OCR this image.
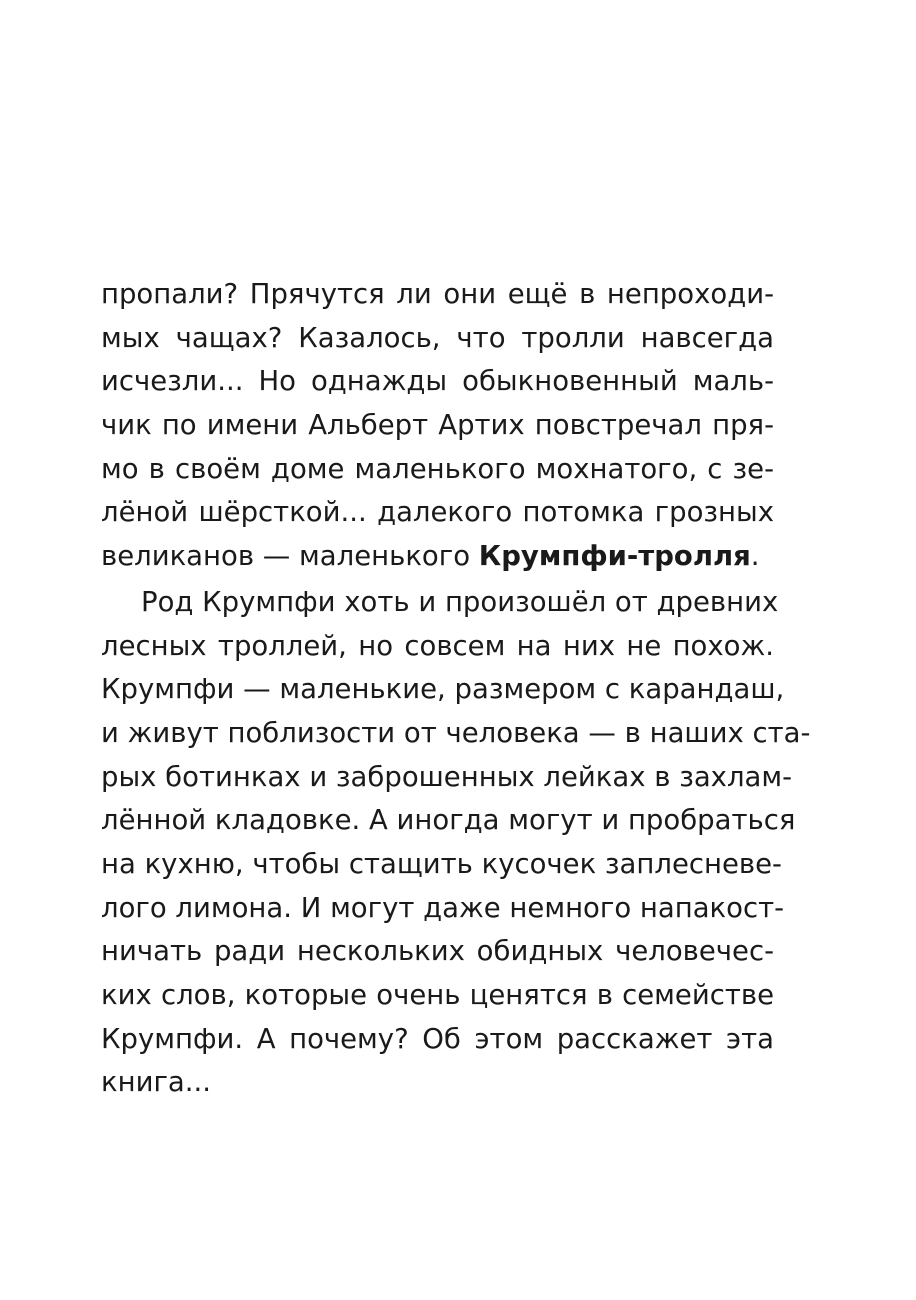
пропали? Прячутся ли они ещё в непроходи-
мых чащах? Казалось, что тролли навсегда
исчезли... Но однажды обыкновенный маль-
чик по имени Альберт Артих повстречал пря-
мо в своём доме маленького мохнатого, с зе-
лёной шёрсткой... далекого потомка грозных
великанов — маленького Крумпфи-тролля.
Род Крумпфи хоть и произошёл от древних
лесных троллей, но совсем на них не похож.
Крумпфи — маленькие, размером с карандаш,
и живут поблизости от человека — в наших ста-
рых ботинках и заброшенных лейках в захлам-
лённой кладовке. А иногда могут и пробраться
на кухню, чтобы стащить кусочек заплесневе-
лого лимона. И могут даже немного напакост-
ничать ради нескольких обидных человечес-
ких слов, которые очень ценятся в семействе
Крумпфи. А почему? Об этом расскажет эта
книга...
